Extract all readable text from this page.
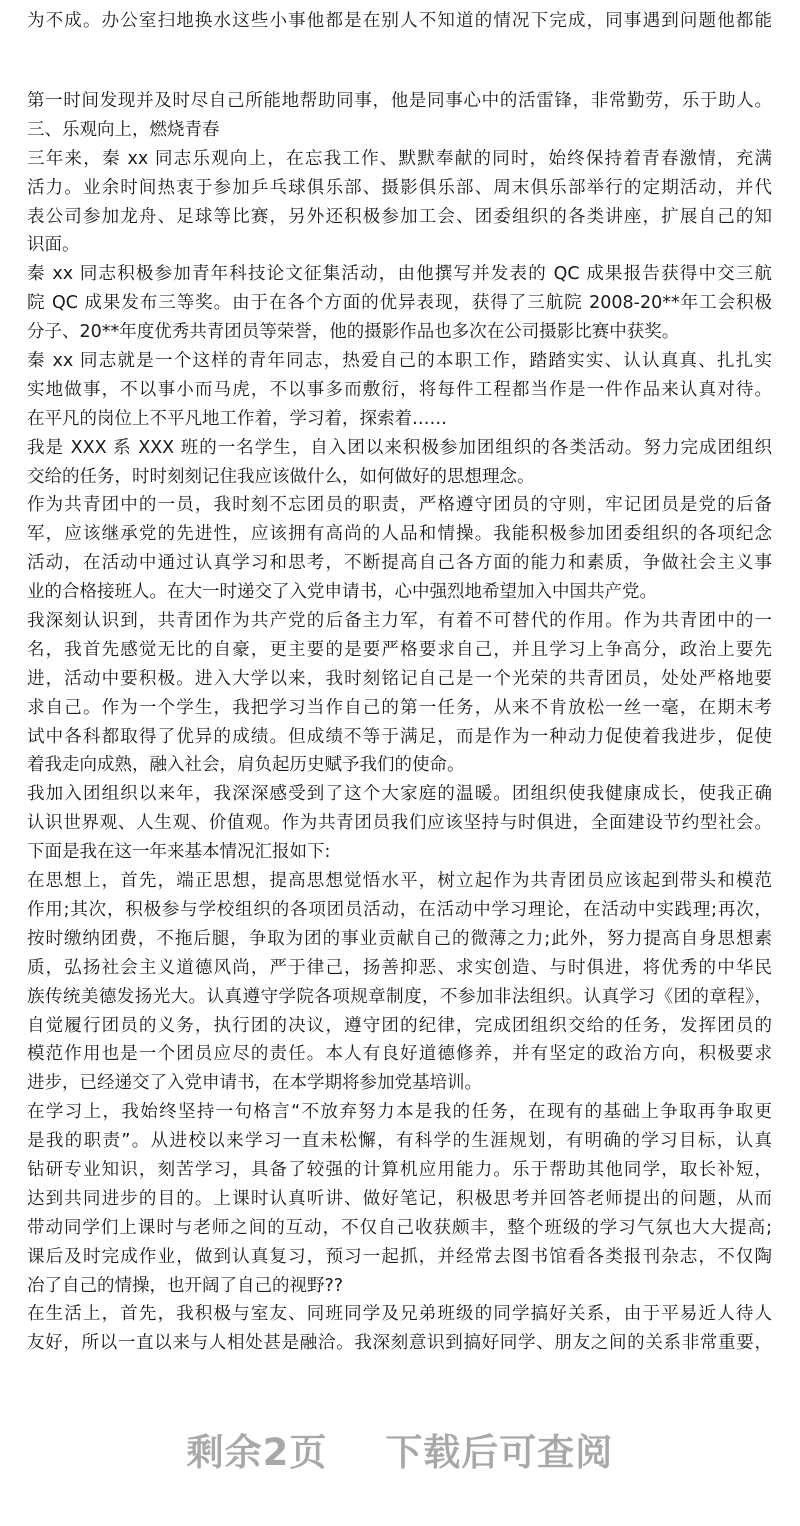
为不成。办公室扫地换水这些小事他都是在别人不知道的情况下完成，同事遇到问题他都能
第一时间发现并及时尽自己所能地帮助同事，他是同事心中的活雷锋，非常勤劳，乐于助人。
三、乐观向上，燃烧青春
三年来，秦 xx 同志乐观向上，在忘我工作、默默奉献的同时，始终保持着青春激情，充满
活力。业余时间热衷于参加乒乓球俱乐部、摄影俱乐部、周末俱乐部举行的定期活动，并代
表公司参加龙舟、足球等比赛，另外还积极参加工会、团委组织的各类讲座，扩展自己的知
识面。
秦 xx 同志积极参加青年科技论文征集活动，由他撰写并发表的 QC 成果报告获得中交三航
院 QC 成果发布三等奖。由于在各个方面的优异表现，获得了三航院 2008-20**年工会积极
分子、20**年度优秀共青团员等荣誉，他的摄影作品也多次在公司摄影比赛中获奖。
秦 xx 同志就是一个这样的青年同志，热爱自己的本职工作，踏踏实实、认认真真、扎扎实
实地做事，不以事小而马虎，不以事多而敷衍，将每件工程都当作是一件作品来认真对待。
在平凡的岗位上不平凡地工作着，学习着，探索着……
我是 XXX 系 XXX 班的一名学生，自入团以来积极参加团组织的各类活动。努力完成团组织
交给的任务，时时刻刻记住我应该做什么，如何做好的思想理念。
作为共青团中的一员，我时刻不忘团员的职责，严格遵守团员的守则，牢记团员是党的后备
军，应该继承党的先进性，应该拥有高尚的人品和情操。我能积极参加团委组织的各项纪念
活动，在活动中通过认真学习和思考，不断提高自己各方面的能力和素质，争做社会主义事
业的合格接班人。在大一时递交了入党申请书，心中强烈地希望加入中国共产党。
我深刻认识到，共青团作为共产党的后备主力军，有着不可替代的作用。作为共青团中的一
名，我首先感觉无比的自豪，更主要的是要严格要求自己，并且学习上争高分，政治上要先
进，活动中要积极。进入大学以来，我时刻铭记自己是一个光荣的共青团员，处处严格地要
求自己。作为一个学生，我把学习当作自己的第一任务，从来不肯放松一丝一毫，在期末考
试中各科都取得了优异的成绩。但成绩不等于满足，而是作为一种动力促使着我进步，促使
着我走向成熟，融入社会，肩负起历史赋予我们的使命。
我加入团组织以来年，我深深感受到了这个大家庭的温暖。团组织使我健康成长，使我正确
认识世界观、人生观、价值观。作为共青团员我们应该坚持与时俱进，全面建设节约型社会。
下面是我在这一年来基本情况汇报如下:
在思想上，首先，端正思想，提高思想觉悟水平，树立起作为共青团员应该起到带头和模范
作用;其次，积极参与学校组织的各项团员活动，在活动中学习理论，在活动中实践理;再次，
按时缴纳团费，不拖后腿，争取为团的事业贡献自己的微薄之力;此外，努力提高自身思想素
质，弘扬社会主义道德风尚，严于律己，扬善抑恶、求实创造、与时俱进，将优秀的中华民
族传统美德发扬光大。认真遵守学院各项规章制度，不参加非法组织。认真学习《团的章程》，
自觉履行团员的义务，执行团的决议，遵守团的纪律，完成团组织交给的任务，发挥团员的
模范作用也是一个团员应尽的责任。本人有良好道德修养，并有坚定的政治方向，积极要求
进步，已经递交了入党申请书，在本学期将参加党基培训。
在学习上，我始终坚持一句格言“不放弃努力本是我的任务，在现有的基础上争取再争取更
是我的职责”。从进校以来学习一直未松懈，有科学的生涯规划，有明确的学习目标，认真
钻研专业知识，刻苦学习，具备了较强的计算机应用能力。乐于帮助其他同学，取长补短，
达到共同进步的目的。上课时认真听讲、做好笔记，积极思考并回答老师提出的问题，从而
带动同学们上课时与老师之间的互动，不仅自己收获颇丰，整个班级的学习气氛也大大提高;
课后及时完成作业，做到认真复习，预习一起抓，并经常去图书馆看各类报刊杂志，不仅陶
冶了自己的情操，也开阔了自己的视野??
在生活上，首先，我积极与室友、同班同学及兄弟班级的同学搞好关系，由于平易近人待人
友好，所以一直以来与人相处甚是融洽。我深刻意识到搞好同学、朋友之间的关系非常重要，
剩余2页 下载后可查阅
